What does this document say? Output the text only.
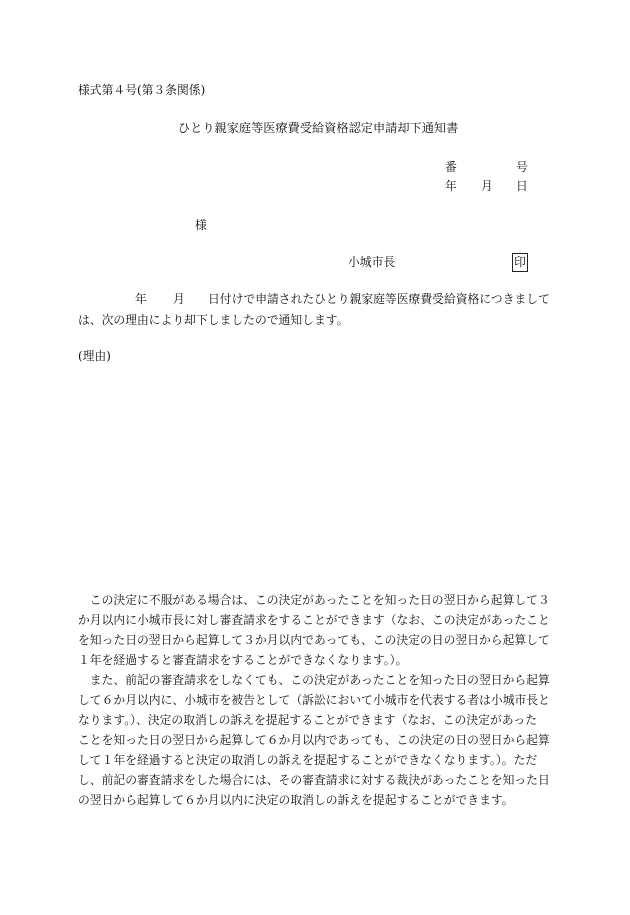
様式第４号(第３条関係)
ひとり親家庭等医療費受給資格認定申請却下通知書
番	号
年 月 日
様
小城市長	印
年 月 日付けで申請されたひとり親家庭等医療費受給資格につきまして
は、次の理由により却下しましたので通知します。
(理由)
　この決定に不服がある場合は、この決定があったことを知った日の翌日から起算して３
か月以内に小城市長に対し審査請求をすることができます（なお、この決定があったこと
を知った日の翌日から起算して３か月以内であっても、この決定の日の翌日から起算して
１年を経過すると審査請求をすることができなくなります。）。
　また、前記の審査請求をしなくても、この決定があったことを知った日の翌日から起算
して６か月以内に、小城市を被告として（訴訟において小城市を代表する者は小城市長と
なります。）、決定の取消しの訴えを提起することができます（なお、この決定があった
ことを知った日の翌日から起算して６か月以内であっても、この決定の日の翌日から起算
して１年を経過すると決定の取消しの訴えを提起することができなくなります。）。ただ
し、前記の審査請求をした場合には、その審査請求に対する裁決があったことを知った日
の翌日から起算して６か月以内に決定の取消しの訴えを提起することができます。
